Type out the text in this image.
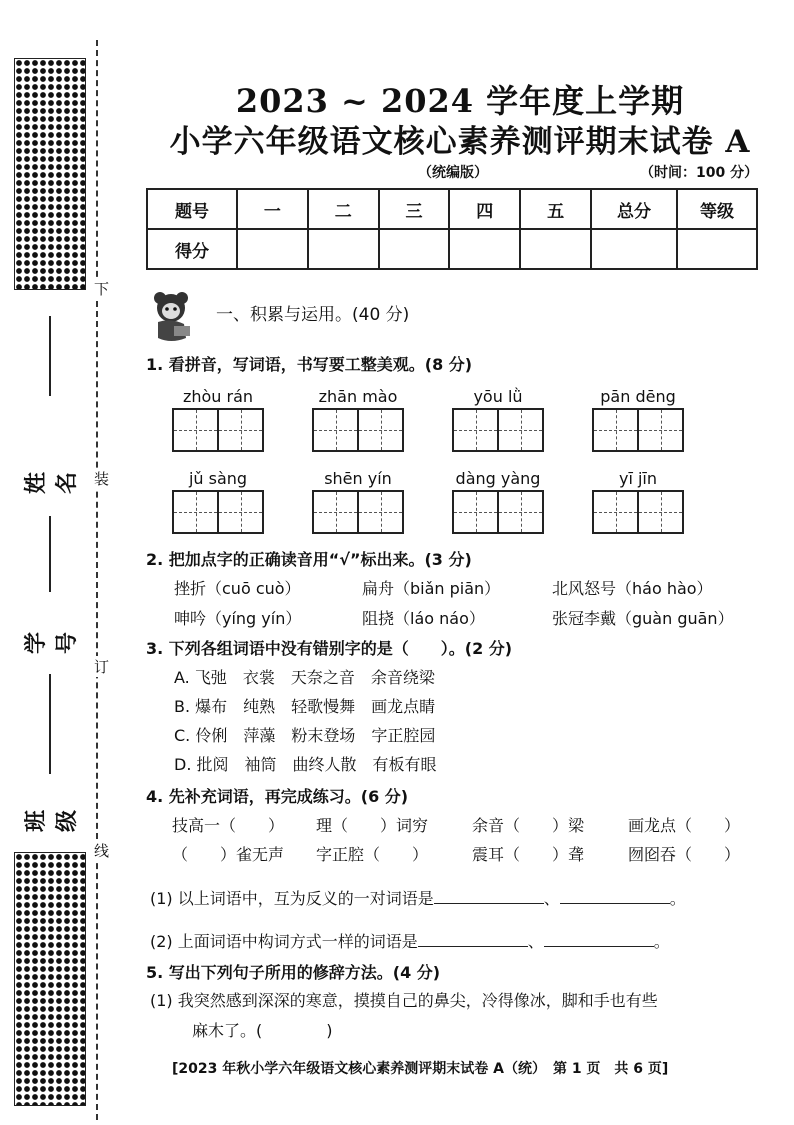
下
装
订
线
姓名
学号
班级
2023 ~ 2024 学年度上学期
小学六年级语文核心素养测评期末试卷 A
（统编版）	（时间：100 分）
题号	一	二	三	四	五	总分	等级
得分							
一、积累与运用。(40 分)
1. 看拼音，写词语，书写要工整美观。(8 分)
zhòu rán	zhān mào	yōu lǜ	pān dēng
jǔ sàng	shēn yín	dàng yàng	yī jīn
2. 把加点字的正确读音用“√”标出来。(3 分)
挫折（cuō cuò）	扁舟（biǎn piān）	北风怒号（háo hào）
呻吟（yíng yín）	阻挠（láo náo）	张冠李戴（guàn guān）
3. 下列各组词语中没有错别字的是（　　）。(2 分)
A. 飞弛　衣裳　天奈之音　余音绕梁
B. 爆布　纯熟　轻歌慢舞　画龙点睛
C. 伶俐　萍藻　粉末登场　字正腔园
D. 批阅　袖筒　曲终人散　有板有眼
4. 先补充词语，再完成练习。(6 分)
技高一（　　） 理（　　）词穷	余音（　　）梁	画龙点（　　）
（　　）雀无声 字正腔（　　）	震耳（　　）聋	囫囵吞（　　）
(1) 以上词语中，互为反义的一对词语是	、	。
(2) 上面词语中构词方式一样的词语是	、	。
5. 写出下列句子所用的修辞方法。(4 分)
(1) 我突然感到深深的寒意，摸摸自己的鼻尖，冷得像冰，脚和手也有些
麻木了。(　　　　)
[2023 年秋小学六年级语文核心素养测评期末试卷 A（统）　第 1 页　共 6 页]
